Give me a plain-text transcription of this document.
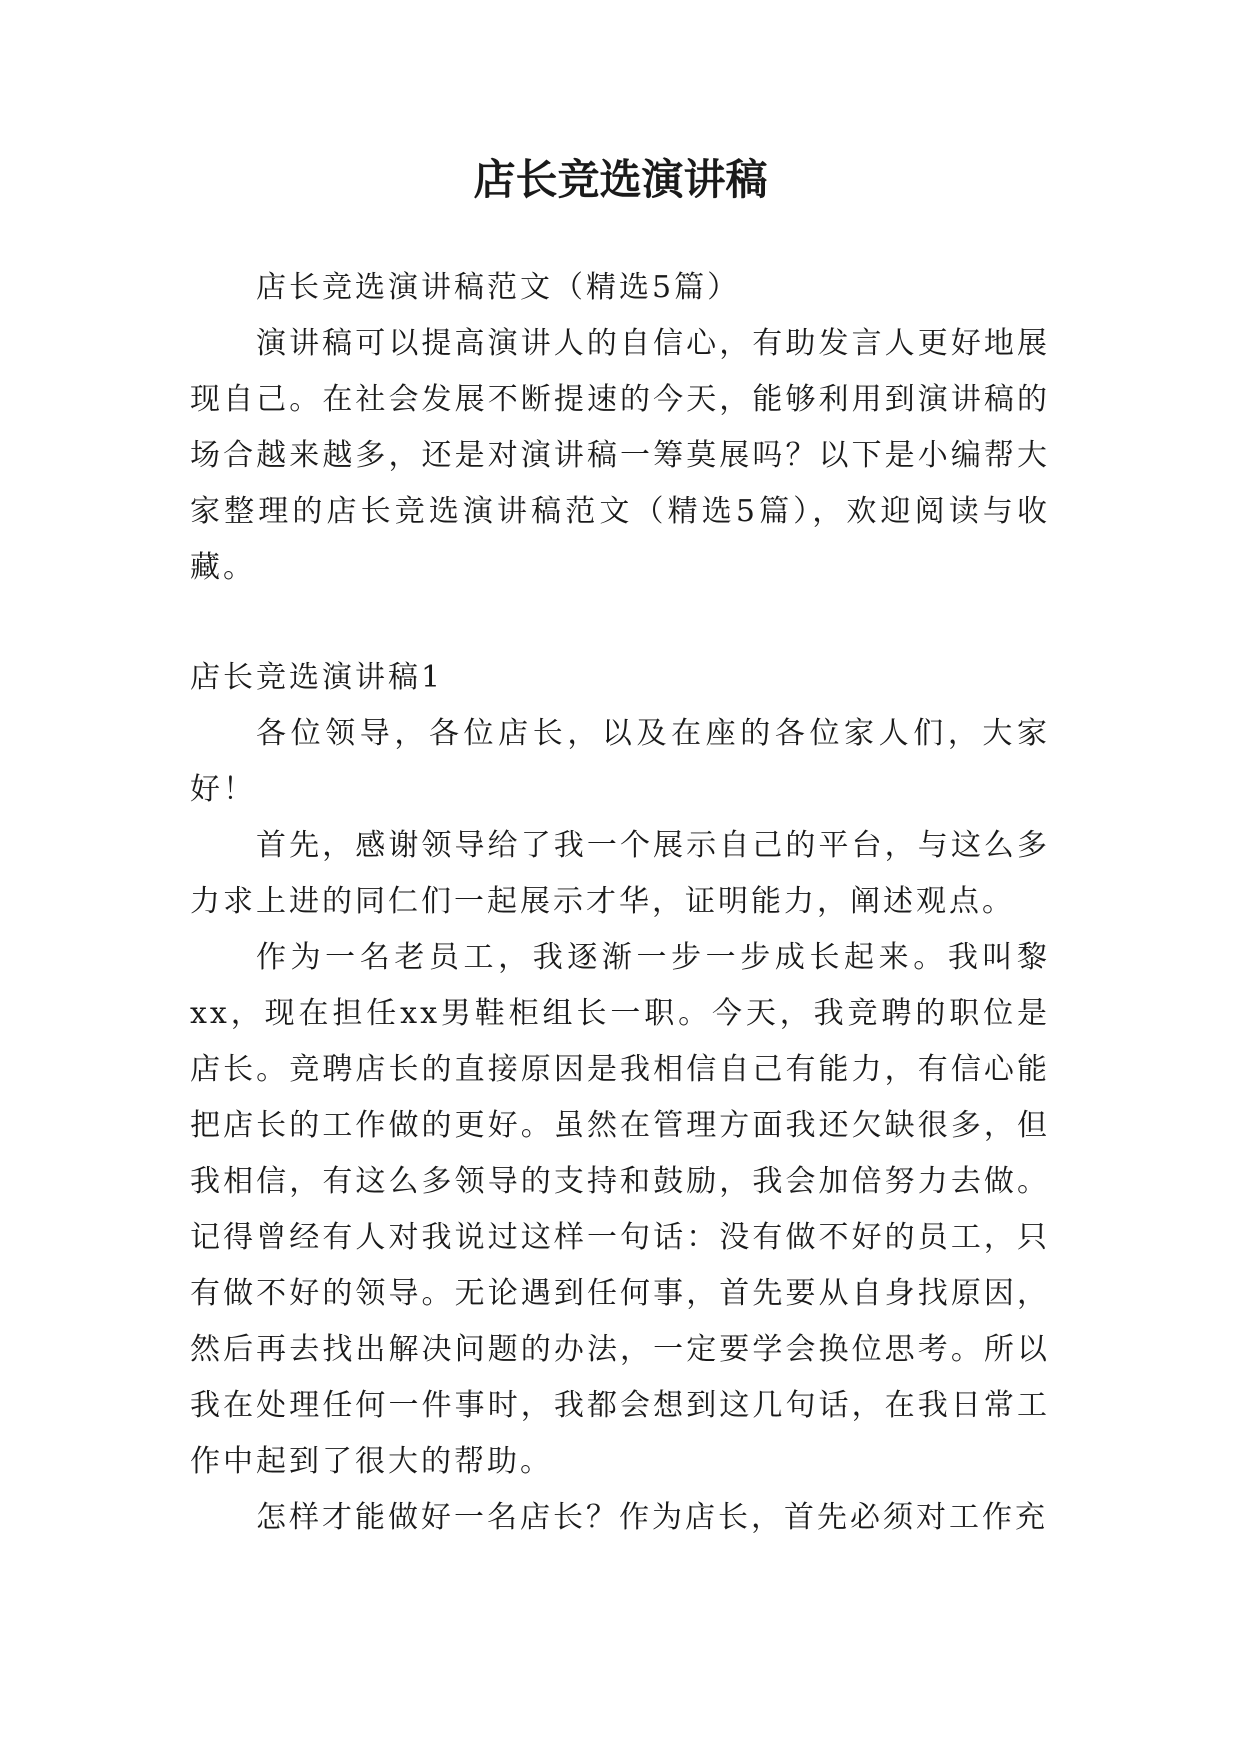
店长竞选演讲稿

店长竞选演讲稿范文（精选5篇）

演讲稿可以提高演讲人的自信心，有助发言人更好地展现自己。在社会发展不断提速的今天，能够利用到演讲稿的场合越来越多，还是对演讲稿一筹莫展吗？以下是小编帮大家整理的店长竞选演讲稿范文（精选5篇），欢迎阅读与收藏。

店长竞选演讲稿1

各位领导，各位店长，以及在座的各位家人们，大家好！

首先，感谢领导给了我一个展示自己的平台，与这么多力求上进的同仁们一起展示才华，证明能力，阐述观点。

作为一名老员工，我逐渐一步一步成长起来。我叫黎xx，现在担任xx男鞋柜组长一职。今天，我竞聘的职位是店长。竞聘店长的直接原因是我相信自己有能力，有信心能把店长的工作做的更好。虽然在管理方面我还欠缺很多，但我相信，有这么多领导的支持和鼓励，我会加倍努力去做。记得曾经有人对我说过这样一句话：没有做不好的员工，只有做不好的领导。无论遇到任何事，首先要从自身找原因，然后再去找出解决问题的办法，一定要学会换位思考。所以我在处理任何一件事时，我都会想到这几句话，在我日常工作中起到了很大的帮助。

怎样才能做好一名店长？作为店长，首先必须对工作充
